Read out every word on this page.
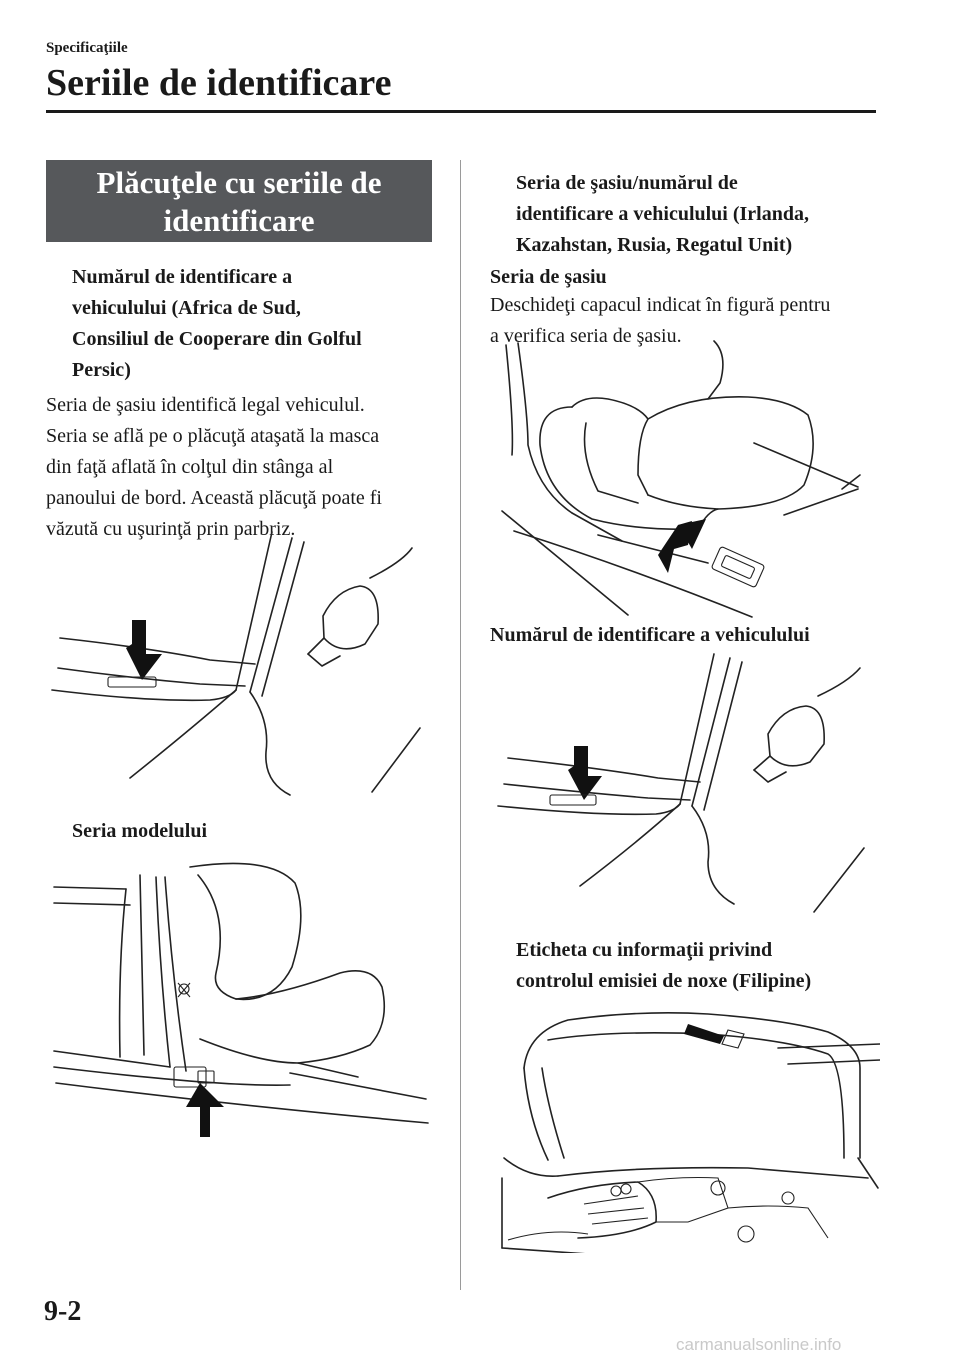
Specificaţiile
Seriile de identificare
Plăcuţele cu seriile de
identificare
Numărul de identificare a
vehiculului (Africa de Sud,
Consiliul de Cooperare din Golful
Persic)
Seria de şasiu identifică legal vehiculul.
Seria se află pe o plăcuţă ataşată la masca
din faţă aflată în colţul din stânga al
panoului de bord. Această plăcuţă poate fi
văzută cu uşurinţă prin parbriz.
Seria modelului
Seria de şasiu/numărul de
identificare a vehiculului (Irlanda,
Kazahstan, Rusia, Regatul Unit)
Seria de şasiu
Deschideţi capacul indicat în figură pentru
a verifica seria de şasiu.
Numărul de identificare a vehiculului
Eticheta cu informaţii privind
controlul emisiei de noxe (Filipine)
9-2
carmanualsonline.info
